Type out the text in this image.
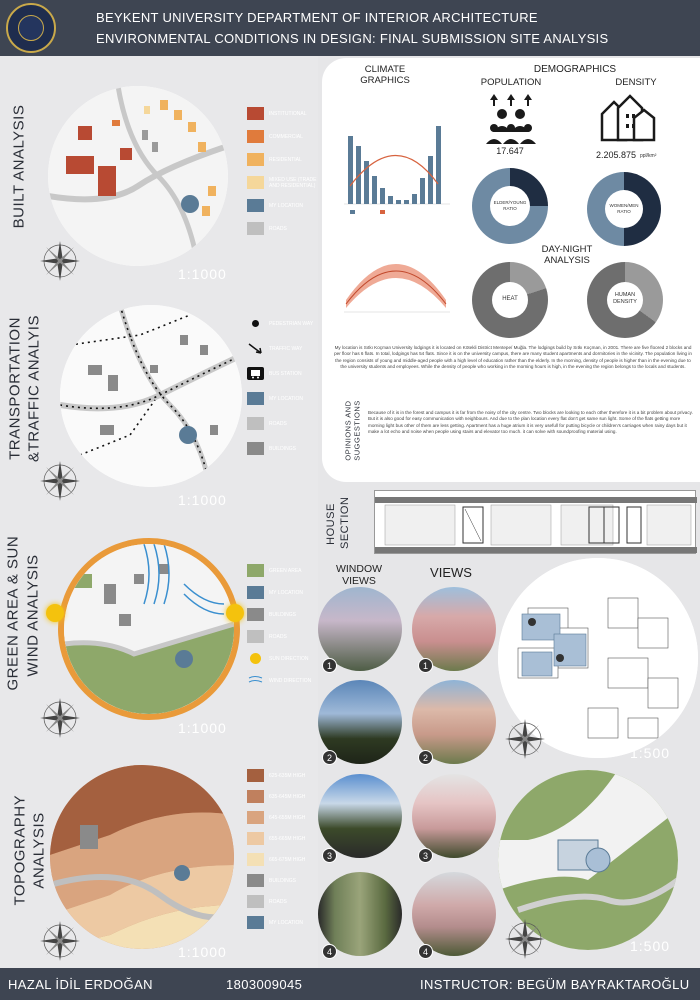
BEYKENT UNIVERSITY DEPARTMENT OF INTERIOR ARCHITECTURE
ENVIRONMENTAL CONDITIONS IN DESIGN: FINAL SUBMISSION SITE ANALYSIS
BUILT ANALYSIS
1:1000
INSTITUTIONAL
COMMERCIAL
RESIDENTIAL
MIXED USE (TRADE AND RESIDENTIAL)
MY LOCATION
ROADS
TRANSPORTATION &TRAFFIC ANALYIS
1:1000
PEDESTRIAN WAY
TRAFFIC WAY
BUS STATION
MY LOCATION
ROADS
BUILDINGS
GREEN AREA & SUN WIND ANALYSIS
1:1000
GREEN AREA
MY LOCATION
BUILDINGS
ROADS
SUN DIRECTION
WIND DIRECTION
TOPOGRAPHY ANALYSIS
1:1000
625-635M HIGH
635-645M HIGH
645-655M HIGH
655-665M HIGH
665-675M HIGH
BUILDINGS
ROADS
MY LOCATION
CLIMATE
GRAPHICS
DEMOGRAPHICS
POPULATION	DENSITY
17.647	2.205.875 ppl/km²
ELDER/YOUNG RATIO
WOMEN/MEN RATIO
DAY-NIGHT
ANALYSIS
HEAT
HUMAN DENSITY
My location is Sıtkı Koçman University lodgings it is located on Kötekli District Mentepe/ Muğla. The lodgings build by Sıtkı Koçman, in 2001. There are five floored 2 blocks and per floor has 6 flats. In total, lodgings has 54 flats. Since it is on the university campus, there are many student apartments and dormitories in the vicinity. The population living in the region consists of young and middle-aged people with a high level of education rather than the elderly. In the morning, density of people is higher than in the evening due to the university students and employees. While the density of people who working in the morning hours is high, in the evening the region belongs to the locals and students.
OPINIONS AND SUGGESTIONS Because of it is in the forest and campus it is far from the noisy of the city centre. Two blocks are looking to each other therefore it is a bit problem about privacy. But it is also good for easy communication with neighbours. And due to the plan location every flat don't get same sun light. Some of the flats getting more morning light bus other of them are less getting. Apartment has a huge atrium it is very usefull for putting bicycle or children's carriages when rainy days but it make a lot echo and noise when people using stairs and elevator too much. it can solve with soundproofing material using.
HOUSE SECTION
WINDOW
VIEWS
VIEWS
1
2
3
4
1
2
3
4
1:500
1:500
HAZAL İDİL ERDOĞAN	1803009045	INSTRUCTOR: BEGÜM BAYRAKTAROĞLU
